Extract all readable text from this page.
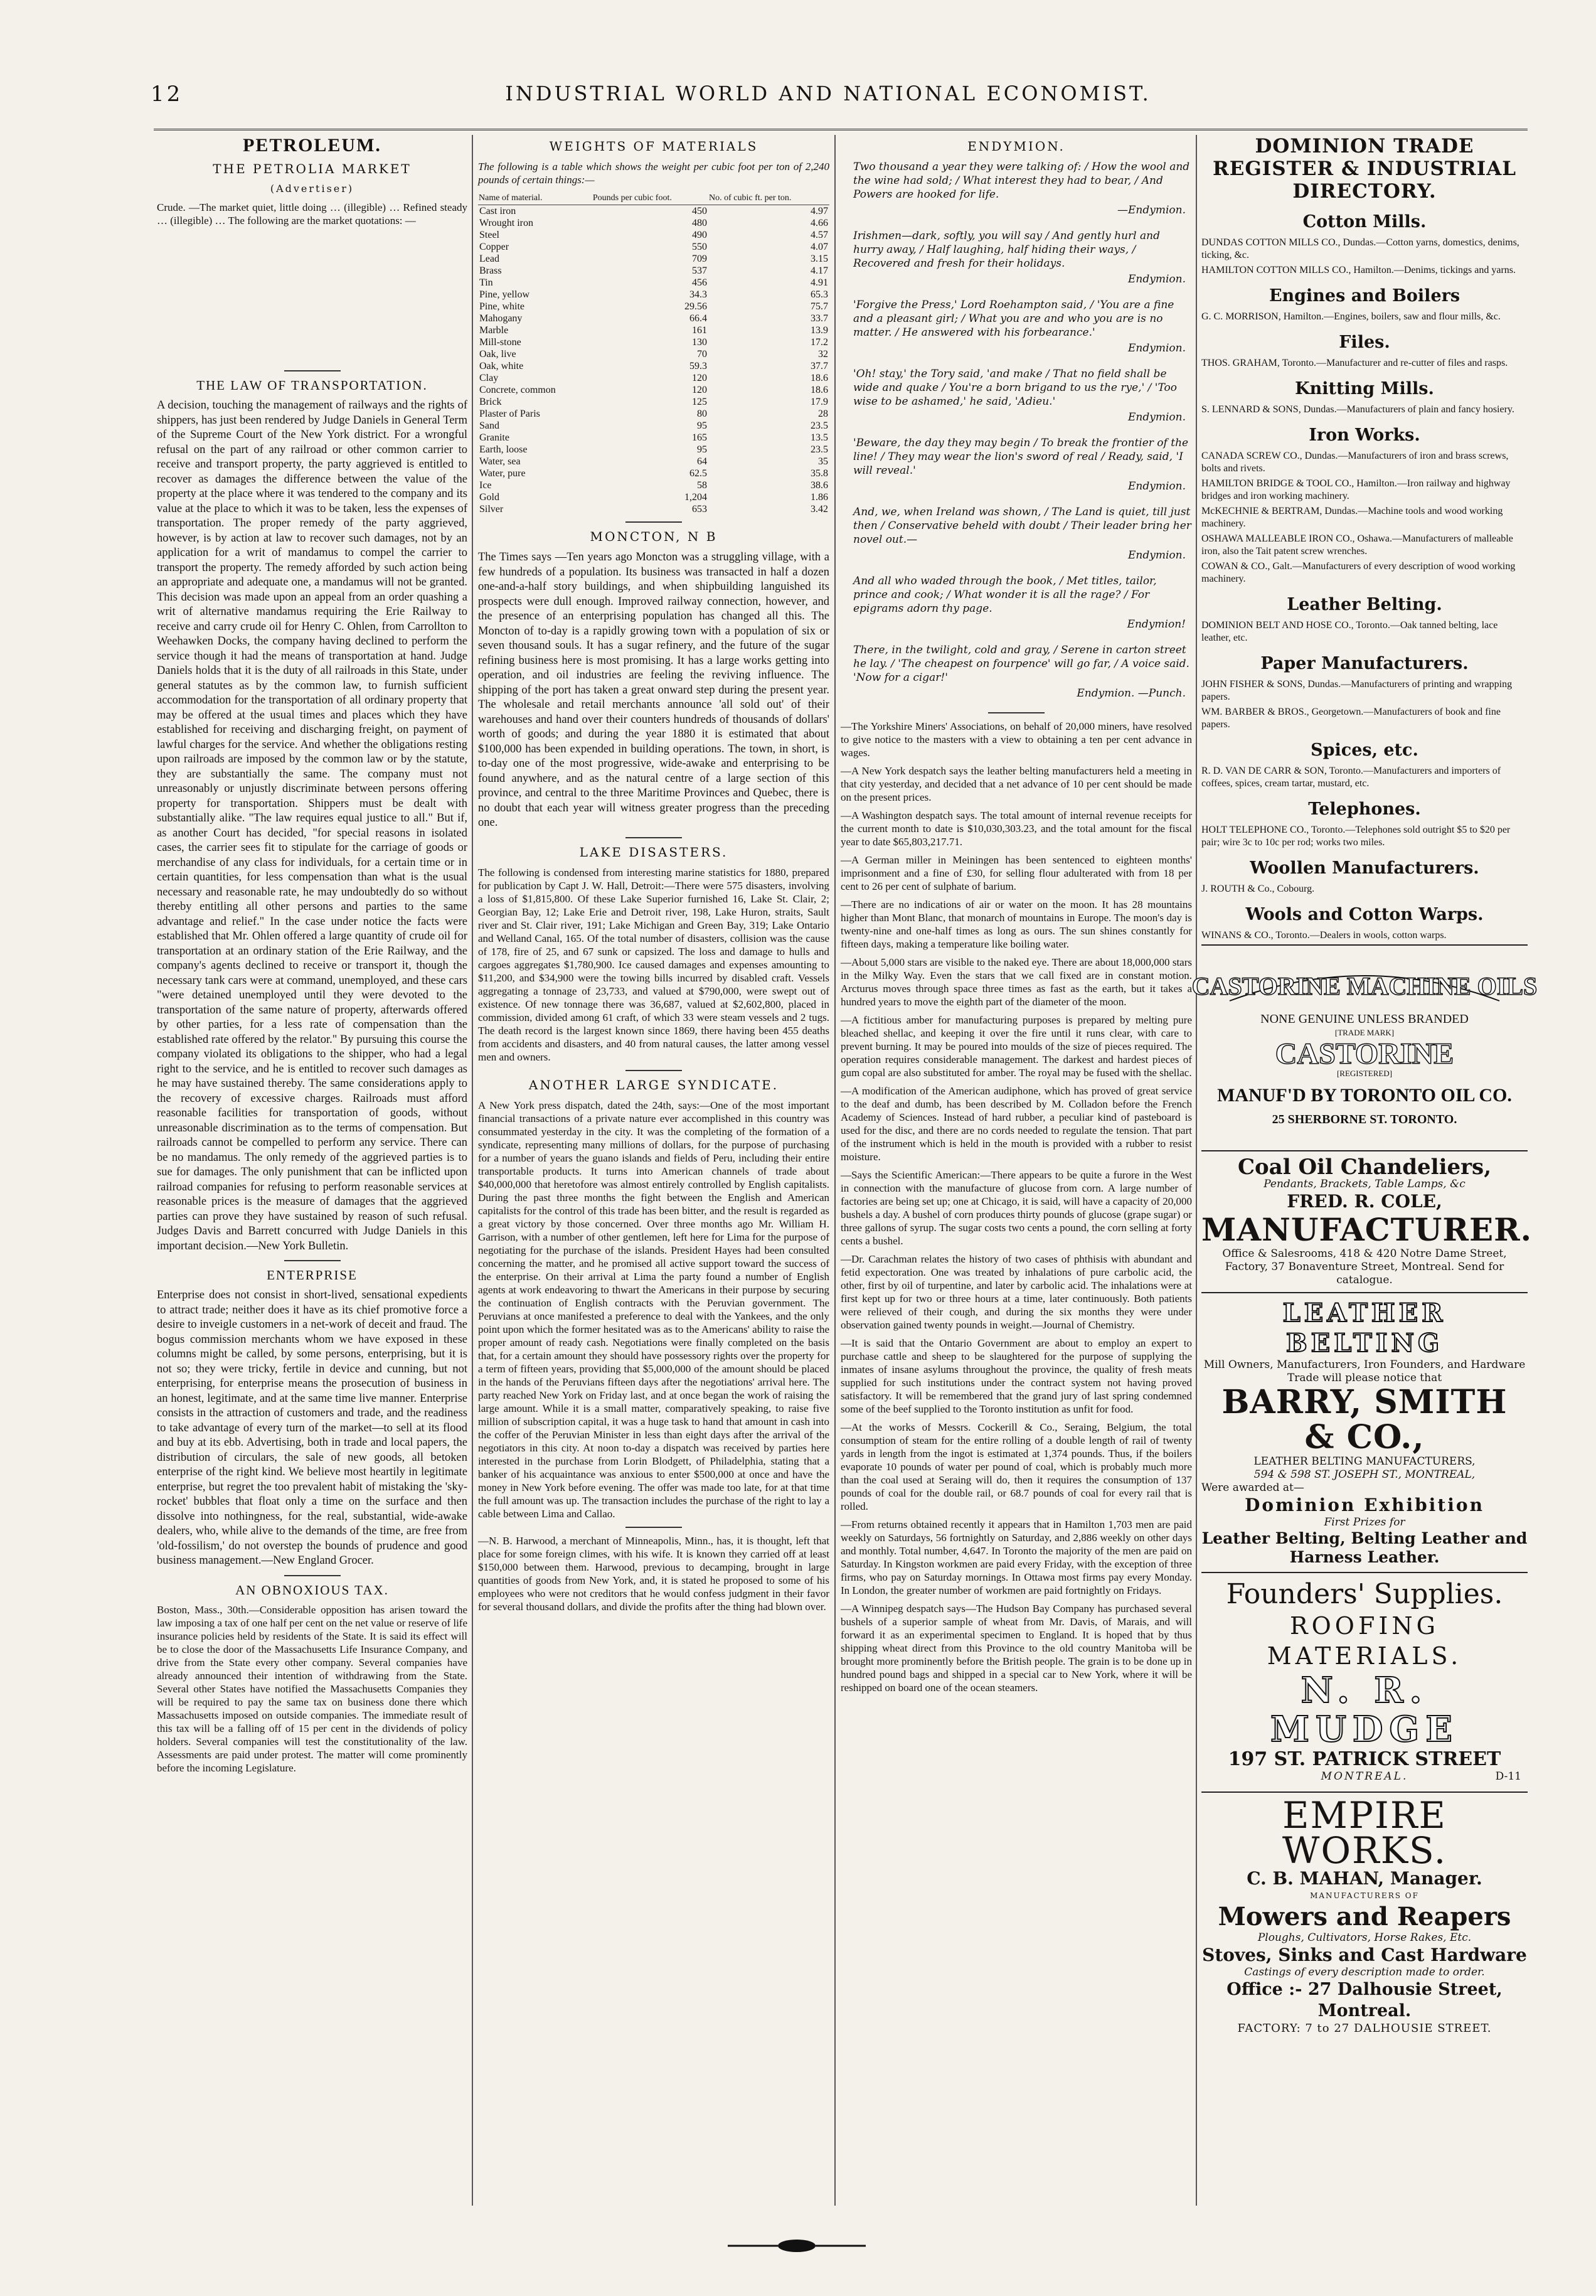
12	INDUSTRIAL WORLD AND NATIONAL ECONOMIST.
PETROLEUM.
THE PETROLIA MARKET
(Advertiser)

Crude. —The market quiet, little doing … (illegible) … Refined steady … (illegible) … The following are the market quotations: —

THE LAW OF TRANSPORTATION.

A decision, touching the management of railways and the rights of shippers, has just been rendered by Judge Daniels in General Term of the Supreme Court of the New York district. For a wrongful refusal on the part of any railroad or other common carrier to receive and transport property, the party aggrieved is entitled to recover as damages the difference between the value of the property at the place where it was tendered to the company and its value at the place to which it was to be taken, less the expenses of transportation. The proper remedy of the party aggrieved, however, is by action at law to recover such damages, not by an application for a writ of mandamus to compel the carrier to transport the property. The remedy afforded by such action being an appropriate and adequate one, a mandamus will not be granted. This decision was made upon an appeal from an order quashing a writ of alternative mandamus requiring the Erie Railway to receive and carry crude oil for Henry C. Ohlen, from Carrollton to Weehawken Docks, the company having declined to perform the service though it had the means of transportation at hand. Judge Daniels holds that it is the duty of all railroads in this State, under general statutes as by the common law, to furnish sufficient accommodation for the transportation of all ordinary property that may be offered at the usual times and places which they have established for receiving and discharging freight, on payment of lawful charges for the service. And whether the obligations resting upon railroads are imposed by the common law or by the statute, they are substantially the same. The company must not unreasonably or unjustly discriminate between persons offering property for transportation. Shippers must be dealt with substantially alike. "The law requires equal justice to all." But if, as another Court has decided, "for special reasons in isolated cases, the carrier sees fit to stipulate for the carriage of goods or merchandise of any class for individuals, for a certain time or in certain quantities, for less compensation than what is the usual necessary and reasonable rate, he may undoubtedly do so without thereby entitling all other persons and parties to the same advantage and relief." In the case under notice the facts were established that Mr. Ohlen offered a large quantity of crude oil for transportation at an ordinary station of the Erie Railway, and the company's agents declined to receive or transport it, though the necessary tank cars were at command, unemployed, and these cars "were detained unemployed until they were devoted to the transportation of the same nature of property, afterwards offered by other parties, for a less rate of compensation than the established rate offered by the relator." By pursuing this course the company violated its obligations to the shipper, who had a legal right to the service, and he is entitled to recover such damages as he may have sustained thereby. The same considerations apply to the recovery of excessive charges. Railroads must afford reasonable facilities for transportation of goods, without unreasonable discrimination as to the terms of compensation. But railroads cannot be compelled to perform any service. There can be no mandamus. The only remedy of the aggrieved parties is to sue for damages. The only punishment that can be inflicted upon railroad companies for refusing to perform reasonable services at reasonable prices is the measure of damages that the aggrieved parties can prove they have sustained by reason of such refusal. Judges Davis and Barrett concurred with Judge Daniels in this important decision.—New York Bulletin.

ENTERPRISE

Enterprise does not consist in short-lived, sensational expedients to attract trade; neither does it have as its chief promotive force a desire to inveigle customers in a net-work of deceit and fraud. The bogus commission merchants whom we have exposed in these columns might be called, by some persons, enterprising, but it is not so; they were tricky, fertile in device and cunning, but not enterprising, for enterprise means the prosecution of business in an honest, legitimate, and at the same time live manner. Enterprise consists in the attraction of customers and trade, and the readiness to take advantage of every turn of the market—to sell at its flood and buy at its ebb. Advertising, both in trade and local papers, the distribution of circulars, the sale of new goods, all betoken enterprise of the right kind. We believe most heartily in legitimate enterprise, but regret the too prevalent habit of mistaking the 'sky-rocket' bubbles that float only a time on the surface and then dissolve into nothingness, for the real, substantial, wide-awake dealers, who, while alive to the demands of the time, are free from 'old-fossilism,' do not overstep the bounds of prudence and good business management.—New England Grocer.

AN OBNOXIOUS TAX.

Boston, Mass., 30th.—Considerable opposition has arisen toward the law imposing a tax of one half per cent on the net value or reserve of life insurance policies held by residents of the State. It is said its effect will be to close the door of the Massachusetts Life Insurance Company, and drive from the State every other company. Several companies have already announced their intention of withdrawing from the State. Several other States have notified the Massachusetts Companies they will be required to pay the same tax on business done there which Massachusetts imposed on outside companies. The immediate result of this tax will be a falling off of 15 per cent in the dividends of policy holders. Several companies will test the constitutionality of the law. Assessments are paid under protest. The matter will come prominently before the incoming Legislature.

WEIGHTS OF MATERIALS

The following is a table which shows the weight per cubic foot per ton of 2,240 pounds of certain things:—

Name of material.	Pounds per cubic foot.	No. of cubic ft. per ton.
Cast iron	450	4.97
Wrought iron	480	4.66
Steel	490	4.57
Copper	550	4.07
Lead	709	3.15
Brass	537	4.17
Tin	456	4.91
Pine, yellow	34.3	65.3
Pine, white	29.56	75.7
Mahogany	66.4	33.7
Marble	161	13.9
Mill-stone	130	17.2
Oak, live	70	32
Oak, white	59.3	37.7
Clay	120	18.6
Concrete, common	120	18.6
Brick	125	17.9
Plaster of Paris	80	28
Sand	95	23.5
Granite	165	13.5
Earth, loose	95	23.5
Water, sea	64	35
Water, pure	62.5	35.8
Ice	58	38.6
Gold	1,204	1.86
Silver	653	3.42
MONCTON, N B

The Times says —Ten years ago Moncton was a struggling village, with a few hundreds of a population. Its business was transacted in half a dozen one-and-a-half story buildings, and when shipbuilding languished its prospects were dull enough. Improved railway connection, however, and the presence of an enterprising population has changed all this. The Moncton of to-day is a rapidly growing town with a population of six or seven thousand souls. It has a sugar refinery, and the future of the sugar refining business here is most promising. It has a large works getting into operation, and oil industries are feeling the reviving influence. The shipping of the port has taken a great onward step during the present year. The wholesale and retail merchants announce 'all sold out' of their warehouses and hand over their counters hundreds of thousands of dollars' worth of goods; and during the year 1880 it is estimated that about $100,000 has been expended in building operations. The town, in short, is to-day one of the most progressive, wide-awake and enterprising to be found anywhere, and as the natural centre of a large section of this province, and central to the three Maritime Provinces and Quebec, there is no doubt that each year will witness greater progress than the preceding one.

LAKE DISASTERS.

The following is condensed from interesting marine statistics for 1880, prepared for publication by Capt J. W. Hall, Detroit:—There were 575 disasters, involving a loss of $1,815,800. Of these Lake Superior furnished 16, Lake St. Clair, 2; Georgian Bay, 12; Lake Erie and Detroit river, 198, Lake Huron, straits, Sault river and St. Clair river, 191; Lake Michigan and Green Bay, 319; Lake Ontario and Welland Canal, 165. Of the total number of disasters, collision was the cause of 178, fire of 25, and 67 sunk or capsized. The loss and damage to hulls and cargoes aggregates $1,780,900. Ice caused damages and expenses amounting to $11,200, and $34,900 were the towing bills incurred by disabled craft. Vessels aggregating a tonnage of 23,733, and valued at $790,000, were swept out of existence. Of new tonnage there was 36,687, valued at $2,602,800, placed in commission, divided among 61 craft, of which 33 were steam vessels and 2 tugs. The death record is the largest known since 1869, there having been 455 deaths from accidents and disasters, and 40 from natural causes, the latter among vessel men and owners.

ANOTHER LARGE SYNDICATE.

A New York press dispatch, dated the 24th, says:—One of the most important financial transactions of a private nature ever accomplished in this country was consummated yesterday in the city. It was the completing of the formation of a syndicate, representing many millions of dollars, for the purpose of purchasing for a number of years the guano islands and fields of Peru, including their entire transportable products. It turns into American channels of trade about $40,000,000 that heretofore was almost entirely controlled by English capitalists. During the past three months the fight between the English and American capitalists for the control of this trade has been bitter, and the result is regarded as a great victory by those concerned. Over three months ago Mr. William H. Garrison, with a number of other gentlemen, left here for Lima for the purpose of negotiating for the purchase of the islands. President Hayes had been consulted concerning the matter, and he promised all active support toward the success of the enterprise. On their arrival at Lima the party found a number of English agents at work endeavoring to thwart the Americans in their purpose by securing the continuation of English contracts with the Peruvian government. The Peruvians at once manifested a preference to deal with the Yankees, and the only point upon which the former hesitated was as to the Americans' ability to raise the proper amount of ready cash. Negotiations were finally completed on the basis that, for a certain amount they should have possessory rights over the property for a term of fifteen years, providing that $5,000,000 of the amount should be placed in the hands of the Peruvians fifteen days after the negotiations' arrival here. The party reached New York on Friday last, and at once began the work of raising the large amount. While it is a small matter, comparatively speaking, to raise five million of subscription capital, it was a huge task to hand that amount in cash into the coffer of the Peruvian Minister in less than eight days after the arrival of the negotiators in this city. At noon to-day a dispatch was received by parties here interested in the purchase from Lorin Blodgett, of Philadelphia, stating that a banker of his acquaintance was anxious to enter $500,000 at once and have the money in New York before evening. The offer was made too late, for at that time the full amount was up. The transaction includes the purchase of the right to lay a cable between Lima and Callao.

—N. B. Harwood, a merchant of Minneapolis, Minn., has, it is thought, left that place for some foreign climes, with his wife. It is known they carried off at least $150,000 between them. Harwood, previous to decamping, brought in large quantities of goods from New York, and, it is stated he proposed to some of his employees who were not creditors that he would confess judgment in their favor for several thousand dollars, and divide the profits after the thing had blown over.

ENDYMION.

Two thousand a year they were talking of: / How the wool and the wine had sold; / What interest they had to bear, / And Powers are hooked for life.

—Endymion.

Irishmen—dark, softly, you will say / And gently hurl and hurry away, / Half laughing, half hiding their ways, / Recovered and fresh for their holidays.

Endymion.

'Forgive the Press,' Lord Roehampton said, / 'You are a fine and a pleasant girl; / What you are and who you are is no matter. / He answered with his forbearance.'

Endymion.

'Oh! stay,' the Tory said, 'and make / That no field shall be wide and quake / You're a born brigand to us the rye,' / 'Too wise to be ashamed,' he said, 'Adieu.'

Endymion.

'Beware, the day they may begin / To break the frontier of the line! / They may wear the lion's sword of real / Ready, said, 'I will reveal.'

Endymion.

And, we, when Ireland was shown, / The Land is quiet, till just then / Conservative beheld with doubt / Their leader bring her novel out.—

Endymion.

And all who waded through the book, / Met titles, tailor, prince and cook; / What wonder it is all the rage? / For epigrams adorn thy page.

Endymion!

There, in the twilight, cold and gray, / Serene in carton street he lay. / 'The cheapest on fourpence' will go far, / A voice said. 'Now for a cigar!'

Endymion. —Punch.

—The Yorkshire Miners' Associations, on behalf of 20,000 miners, have resolved to give notice to the masters with a view to obtaining a ten per cent advance in wages.

—A New York despatch says the leather belting manufacturers held a meeting in that city yesterday, and decided that a net advance of 10 per cent should be made on the present prices.

—A Washington despatch says. The total amount of internal revenue receipts for the current month to date is $10,030,303.23, and the total amount for the fiscal year to date $65,803,217.71.

—A German miller in Meiningen has been sentenced to eighteen months' imprisonment and a fine of £30, for selling flour adulterated with from 18 per cent to 26 per cent of sulphate of barium.

—There are no indications of air or water on the moon. It has 28 mountains higher than Mont Blanc, that monarch of mountains in Europe. The moon's day is twenty-nine and one-half times as long as ours. The sun shines constantly for fifteen days, making a temperature like boiling water.

—About 5,000 stars are visible to the naked eye. There are about 18,000,000 stars in the Milky Way. Even the stars that we call fixed are in constant motion. Arcturus moves through space three times as fast as the earth, but it takes a hundred years to move the eighth part of the diameter of the moon.

—A fictitious amber for manufacturing purposes is prepared by melting pure bleached shellac, and keeping it over the fire until it runs clear, with care to prevent burning. It may be poured into moulds of the size of pieces required. The operation requires considerable management. The darkest and hardest pieces of gum copal are also substituted for amber. The royal may be fused with the shellac.

—A modification of the American audiphone, which has proved of great service to the deaf and dumb, has been described by M. Colladon before the French Academy of Sciences. Instead of hard rubber, a peculiar kind of pasteboard is used for the disc, and there are no cords needed to regulate the tension. That part of the instrument which is held in the mouth is provided with a rubber to resist moisture.

—Says the Scientific American:—There appears to be quite a furore in the West in connection with the manufacture of glucose from corn. A large number of factories are being set up; one at Chicago, it is said, will have a capacity of 20,000 bushels a day. A bushel of corn produces thirty pounds of glucose (grape sugar) or three gallons of syrup. The sugar costs two cents a pound, the corn selling at forty cents a bushel.

—Dr. Carachman relates the history of two cases of phthisis with abundant and fetid expectoration. One was treated by inhalations of pure carbolic acid, the other, first by oil of turpentine, and later by carbolic acid. The inhalations were at first kept up for two or three hours at a time, later continuously. Both patients were relieved of their cough, and during the six months they were under observation gained twenty pounds in weight.—Journal of Chemistry.

—It is said that the Ontario Government are about to employ an expert to purchase cattle and sheep to be slaughtered for the purpose of supplying the inmates of insane asylums throughout the province, the quality of fresh meats supplied for such institutions under the contract system not having proved satisfactory. It will be remembered that the grand jury of last spring condemned some of the beef supplied to the Toronto institution as unfit for food.

—At the works of Messrs. Cockerill & Co., Seraing, Belgium, the total consumption of steam for the entire rolling of a double length of rail of twenty yards in length from the ingot is estimated at 1,374 pounds. Thus, if the boilers evaporate 10 pounds of water per pound of coal, which is probably much more than the coal used at Seraing will do, then it requires the consumption of 137 pounds of coal for the double rail, or 68.7 pounds of coal for every rail that is rolled.

—From returns obtained recently it appears that in Hamilton 1,703 men are paid weekly on Saturdays, 56 fortnightly on Saturday, and 2,886 weekly on other days and monthly. Total number, 4,647. In Toronto the majority of the men are paid on Saturday. In Kingston workmen are paid every Friday, with the exception of three firms, who pay on Saturday mornings. In Ottawa most firms pay every Monday. In London, the greater number of workmen are paid fortnightly on Fridays.

—A Winnipeg despatch says—The Hudson Bay Company has purchased several bushels of a superior sample of wheat from Mr. Davis, of Marais, and will forward it as an experimental specimen to England. It is hoped that by thus shipping wheat direct from this Province to the old country Manitoba will be brought more prominently before the British people. The grain is to be done up in hundred pound bags and shipped in a special car to New York, where it will be reshipped on board one of the ocean steamers.

DOMINION TRADE REGISTER & INDUSTRIAL DIRECTORY.
Cotton Mills.
DUNDAS COTTON MILLS CO., Dundas.—Cotton yarns, domestics, denims, ticking, &c.
HAMILTON COTTON MILLS CO., Hamilton.—Denims, tickings and yarns.
Engines and Boilers
G. C. MORRISON, Hamilton.—Engines, boilers, saw and flour mills, &c.
Files.
THOS. GRAHAM, Toronto.—Manufacturer and re-cutter of files and rasps.
Knitting Mills.
S. LENNARD & SONS, Dundas.—Manufacturers of plain and fancy hosiery.
Iron Works.
CANADA SCREW CO., Dundas.—Manufacturers of iron and brass screws, bolts and rivets.
HAMILTON BRIDGE & TOOL CO., Hamilton.—Iron railway and highway bridges and iron working machinery.
McKECHNIE & BERTRAM, Dundas.—Machine tools and wood working machinery.
OSHAWA MALLEABLE IRON CO., Oshawa.—Manufacturers of malleable iron, also the Tait patent screw wrenches.
COWAN & CO., Galt.—Manufacturers of every description of wood working machinery.
Leather Belting.
DOMINION BELT AND HOSE CO., Toronto.—Oak tanned belting, lace leather, etc.
Paper Manufacturers.
JOHN FISHER & SONS, Dundas.—Manufacturers of printing and wrapping papers.
WM. BARBER & BROS., Georgetown.—Manufacturers of book and fine papers.
Spices, etc.
R. D. VAN DE CARR & SON, Toronto.—Manufacturers and importers of coffees, spices, cream tartar, mustard, etc.
Telephones.
HOLT TELEPHONE CO., Toronto.—Telephones sold outright $5 to $20 per pair; wire 3c to 10c per rod; works two miles.
Woollen Manufacturers.
J. ROUTH & Co., Cobourg.
Wools and Cotton Warps.
WINANS & CO., Toronto.—Dealers in wools, cotton warps.
CASTORINE MACHINE OILS
NONE GENUINE UNLESS BRANDED
[TRADE MARK]
CASTORINE
[REGISTERED]
MANUF'D BY TORONTO OIL CO.
25 SHERBORNE ST. TORONTO.
Coal Oil Chandeliers,
Pendants, Brackets, Table Lamps, &c
FRED. R. COLE,
MANUFACTURER.
Office & Salesrooms, 418 & 420 Notre Dame Street, Factory, 37 Bonaventure Street, Montreal. Send for catalogue.
LEATHER BELTING
Mill Owners, Manufacturers, Iron Founders, and Hardware Trade will please notice that
BARRY, SMITH & CO.,
LEATHER BELTING MANUFACTURERS,
594 & 598 ST. JOSEPH ST., MONTREAL,
Were awarded at—
Dominion Exhibition
First Prizes for
Leather Belting, Belting Leather and Harness Leather.
Founders' Supplies.
ROOFING MATERIALS.
N. R. MUDGE
197 ST. PATRICK STREET
MONTREAL.	D-11
EMPIRE WORKS.
C. B. MAHAN, Manager.
MANUFACTURERS OF
Mowers and Reapers
Ploughs, Cultivators, Horse Rakes, Etc.
Stoves, Sinks and Cast Hardware
Castings of every description made to order.
Office :- 27 Dalhousie Street, Montreal.
FACTORY: 7 to 27 DALHOUSIE STREET.
